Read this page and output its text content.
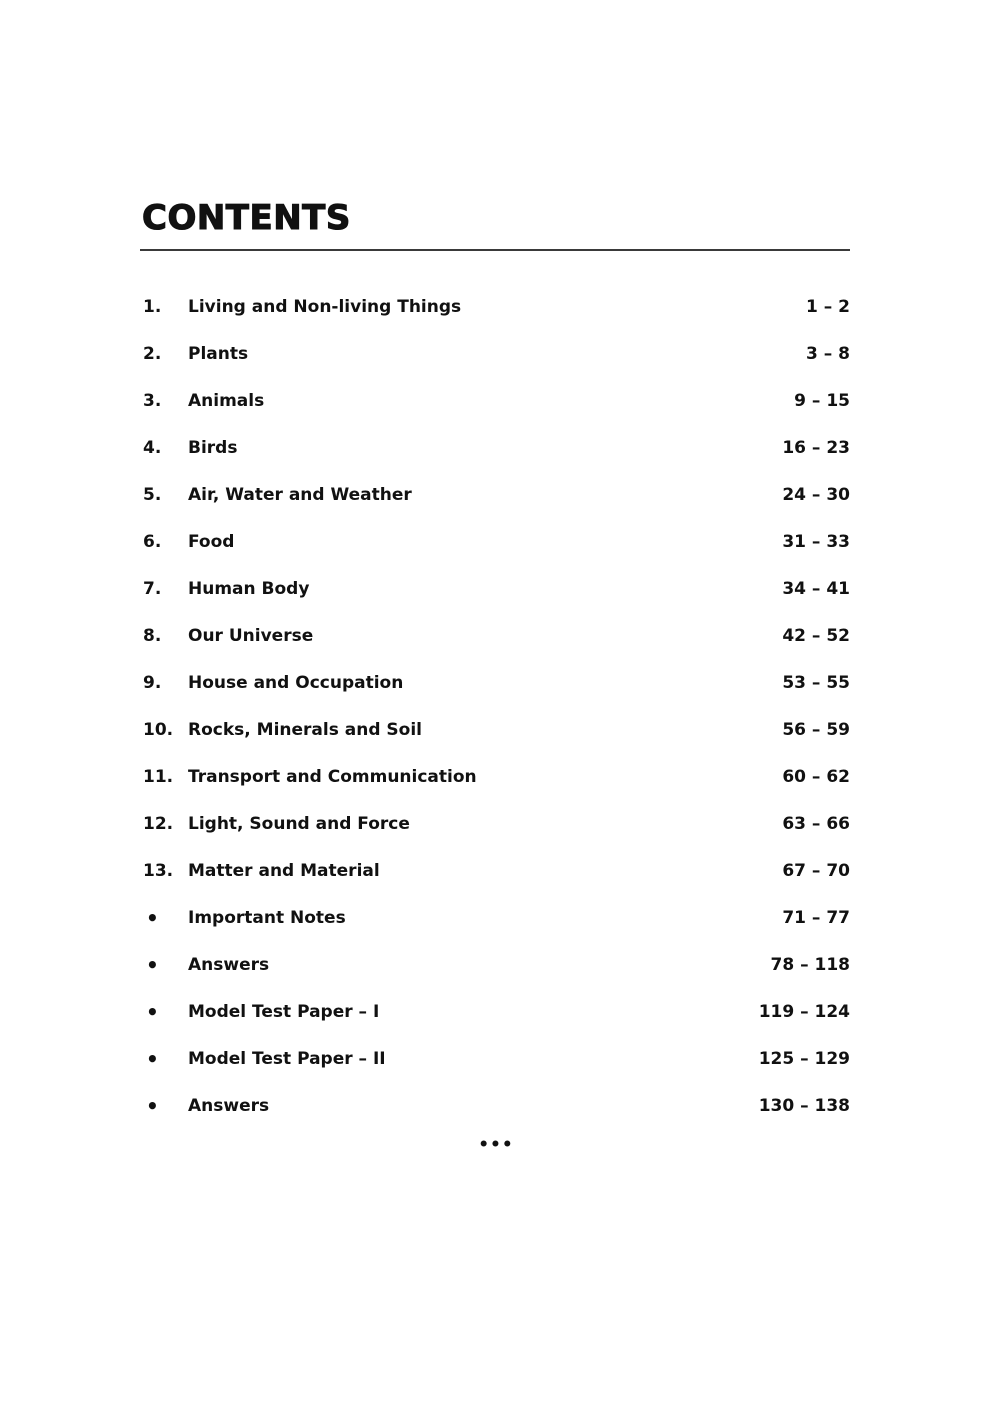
CONTENTS
1.	Living and Non-living Things	1 – 2
2.	Plants	3 – 8
3.	Animals	9 – 15
4.	Birds	16 – 23
5.	Air, Water and Weather	24 – 30
6.	Food	31 – 33
7.	Human Body	34 – 41
8.	Our Universe	42 – 52
9.	House and Occupation	53 – 55
10. Rocks, Minerals and Soil	56 – 59
11. Transport and Communication	60 – 62
12. Light, Sound and Force	63 – 66
13. Matter and Material	67 – 70
•	Important Notes	71 – 77
•	Answers	78 – 118
•	Model Test Paper – I	119 – 124
•	Model Test Paper – II	125 – 129
•	Answers	130 – 138
•••
